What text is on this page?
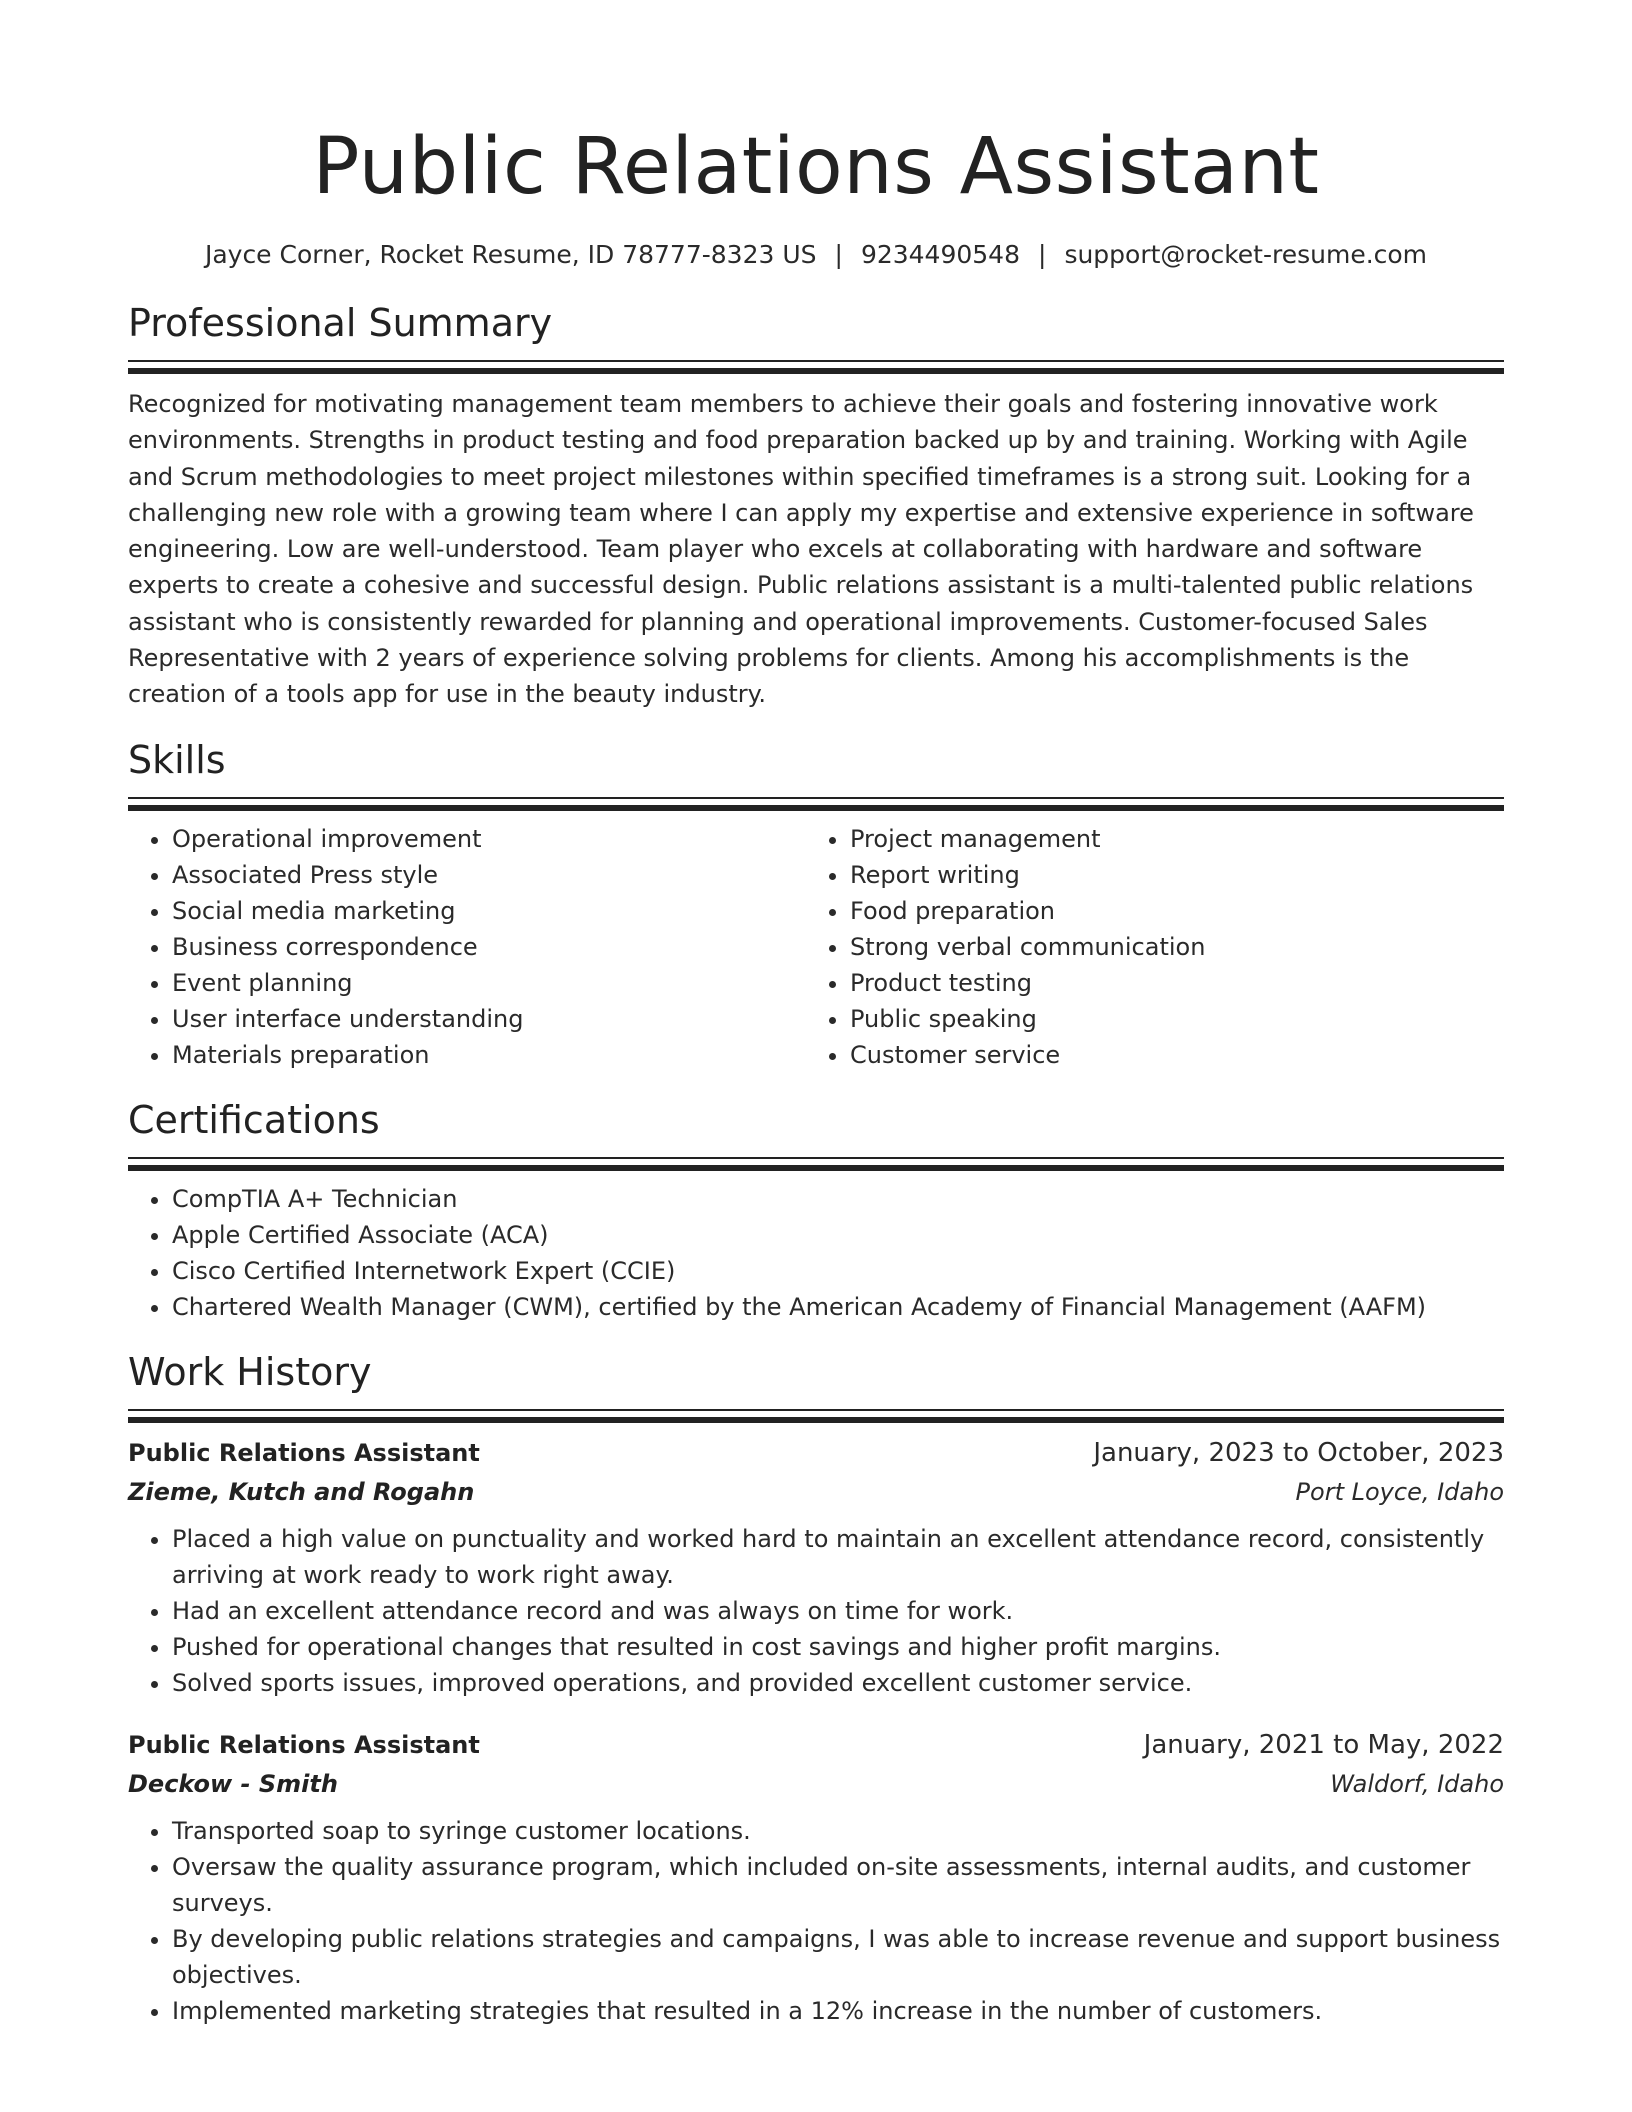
Public Relations Assistant
Jayce Corner, Rocket Resume, ID 78777-8323 US | 9234490548 | support@rocket-resume.com
Professional Summary

Recognized for motivating management team members to achieve their goals and fostering innovative work environments. Strengths in product testing and food preparation backed up by and training. Working with Agile and Scrum methodologies to meet project milestones within specified timeframes is a strong suit. Looking for a challenging new role with a growing team where I can apply my expertise and extensive experience in software engineering. Low are well-understood. Team player who excels at collaborating with hardware and software experts to create a cohesive and successful design. Public relations assistant is a multi-talented public relations assistant who is consistently rewarded for planning and operational improvements. Customer-focused Sales Representative with 2 years of experience solving problems for clients. Among his accomplishments is the creation of a tools app for use in the beauty industry.

Skills
• Operational improvement
• Associated Press style
• Social media marketing
• Business correspondence
• Event planning
• User interface understanding
• Materials preparation
• Project management
• Report writing
• Food preparation
• Strong verbal communication
• Product testing
• Public speaking
• Customer service
Certifications
• CompTIA A+ Technician
• Apple Certified Associate (ACA)
• Cisco Certified Internetwork Expert (CCIE)
• Chartered Wealth Manager (CWM), certified by the American Academy of Financial Management (AAFM)
Work History
Public Relations Assistant	January, 2023 to October, 2023
Zieme, Kutch and Rogahn	Port Loyce, Idaho
• Placed a high value on punctuality and worked hard to maintain an excellent attendance record, consistently arriving at work ready to work right away.
• Had an excellent attendance record and was always on time for work.
• Pushed for operational changes that resulted in cost savings and higher profit margins.
• Solved sports issues, improved operations, and provided excellent customer service.
Public Relations Assistant	January, 2021 to May, 2022
Deckow - Smith	Waldorf, Idaho
• Transported soap to syringe customer locations.
• Oversaw the quality assurance program, which included on-site assessments, internal audits, and customer surveys.
• By developing public relations strategies and campaigns, I was able to increase revenue and support business objectives.
• Implemented marketing strategies that resulted in a 12% increase in the number of customers.
